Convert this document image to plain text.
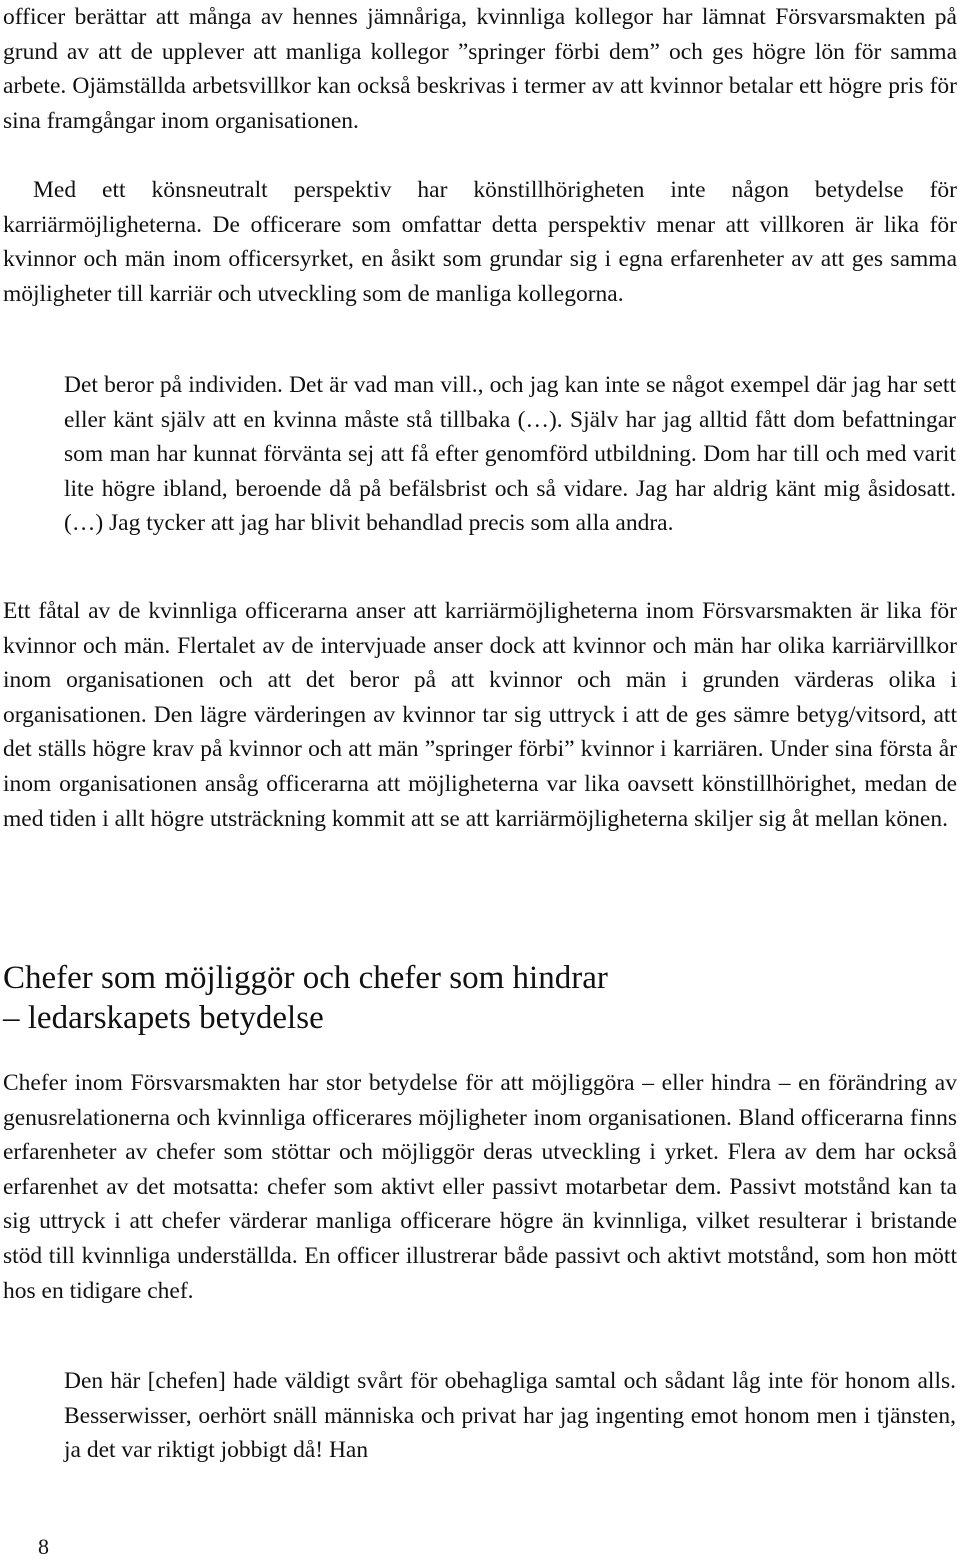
officer berättar att många av hennes jämnåriga, kvinnliga kollegor har lämnat Försvarsmakten på grund av att de upplever att manliga kollegor ”springer förbi dem” och ges högre lön för samma arbete. Ojämställda arbetsvillkor kan också beskrivas i termer av att kvinnor betalar ett högre pris för sina framgångar inom organisationen.

Med ett könsneutralt perspektiv har könstillhörigheten inte någon betydelse för karriärmöjligheterna. De officerare som omfattar detta perspektiv menar att villkoren är lika för kvinnor och män inom officersyrket, en åsikt som grundar sig i egna erfarenheter av att ges samma möjligheter till karriär och utveckling som de manliga kollegorna.

Det beror på individen. Det är vad man vill., och jag kan inte se något exempel där jag har sett eller känt själv att en kvinna måste stå tillbaka (…). Själv har jag alltid fått dom befattningar som man har kunnat förvänta sej att få efter genomförd utbildning. Dom har till och med varit lite högre ibland, beroende då på befälsbrist och så vidare. Jag har aldrig känt mig åsidosatt. (…) Jag tycker att jag har blivit behandlad precis som alla andra.

Ett fåtal av de kvinnliga officerarna anser att karriärmöjligheterna inom Försvarsmakten är lika för kvinnor och män. Flertalet av de intervjuade anser dock att kvinnor och män har olika karriärvillkor inom organisationen och att det beror på att kvinnor och män i grunden värderas olika i organisationen. Den lägre värderingen av kvinnor tar sig uttryck i att de ges sämre betyg/vitsord, att det ställs högre krav på kvinnor och att män ”springer förbi” kvinnor i karriären. Under sina första år inom organisationen ansåg officerarna att möjligheterna var lika oavsett könstillhörighet, medan de med tiden i allt högre utsträckning kommit att se att karriärmöjligheterna skiljer sig åt mellan könen.

Chefer som möjliggör och chefer som hindrar
– ledarskapets betydelse

Chefer inom Försvarsmakten har stor betydelse för att möjliggöra – eller hindra – en förändring av genusrelationerna och kvinnliga officerares möjligheter inom organisationen. Bland officerarna finns erfarenheter av chefer som stöttar och möjliggör deras utveckling i yrket. Flera av dem har också erfarenhet av det motsatta: chefer som aktivt eller passivt motarbetar dem. Passivt motstånd kan ta sig uttryck i att chefer värderar manliga officerare högre än kvinnliga, vilket resulterar i bristande stöd till kvinnliga underställda. En officer illustrerar både passivt och aktivt motstånd, som hon mött hos en tidigare chef.

Den här [chefen] hade väldigt svårt för obehagliga samtal och sådant låg inte för honom alls. Besserwisser, oerhört snäll människa och privat har jag ingenting emot honom men i tjänsten, ja det var riktigt jobbigt då! Han

8
